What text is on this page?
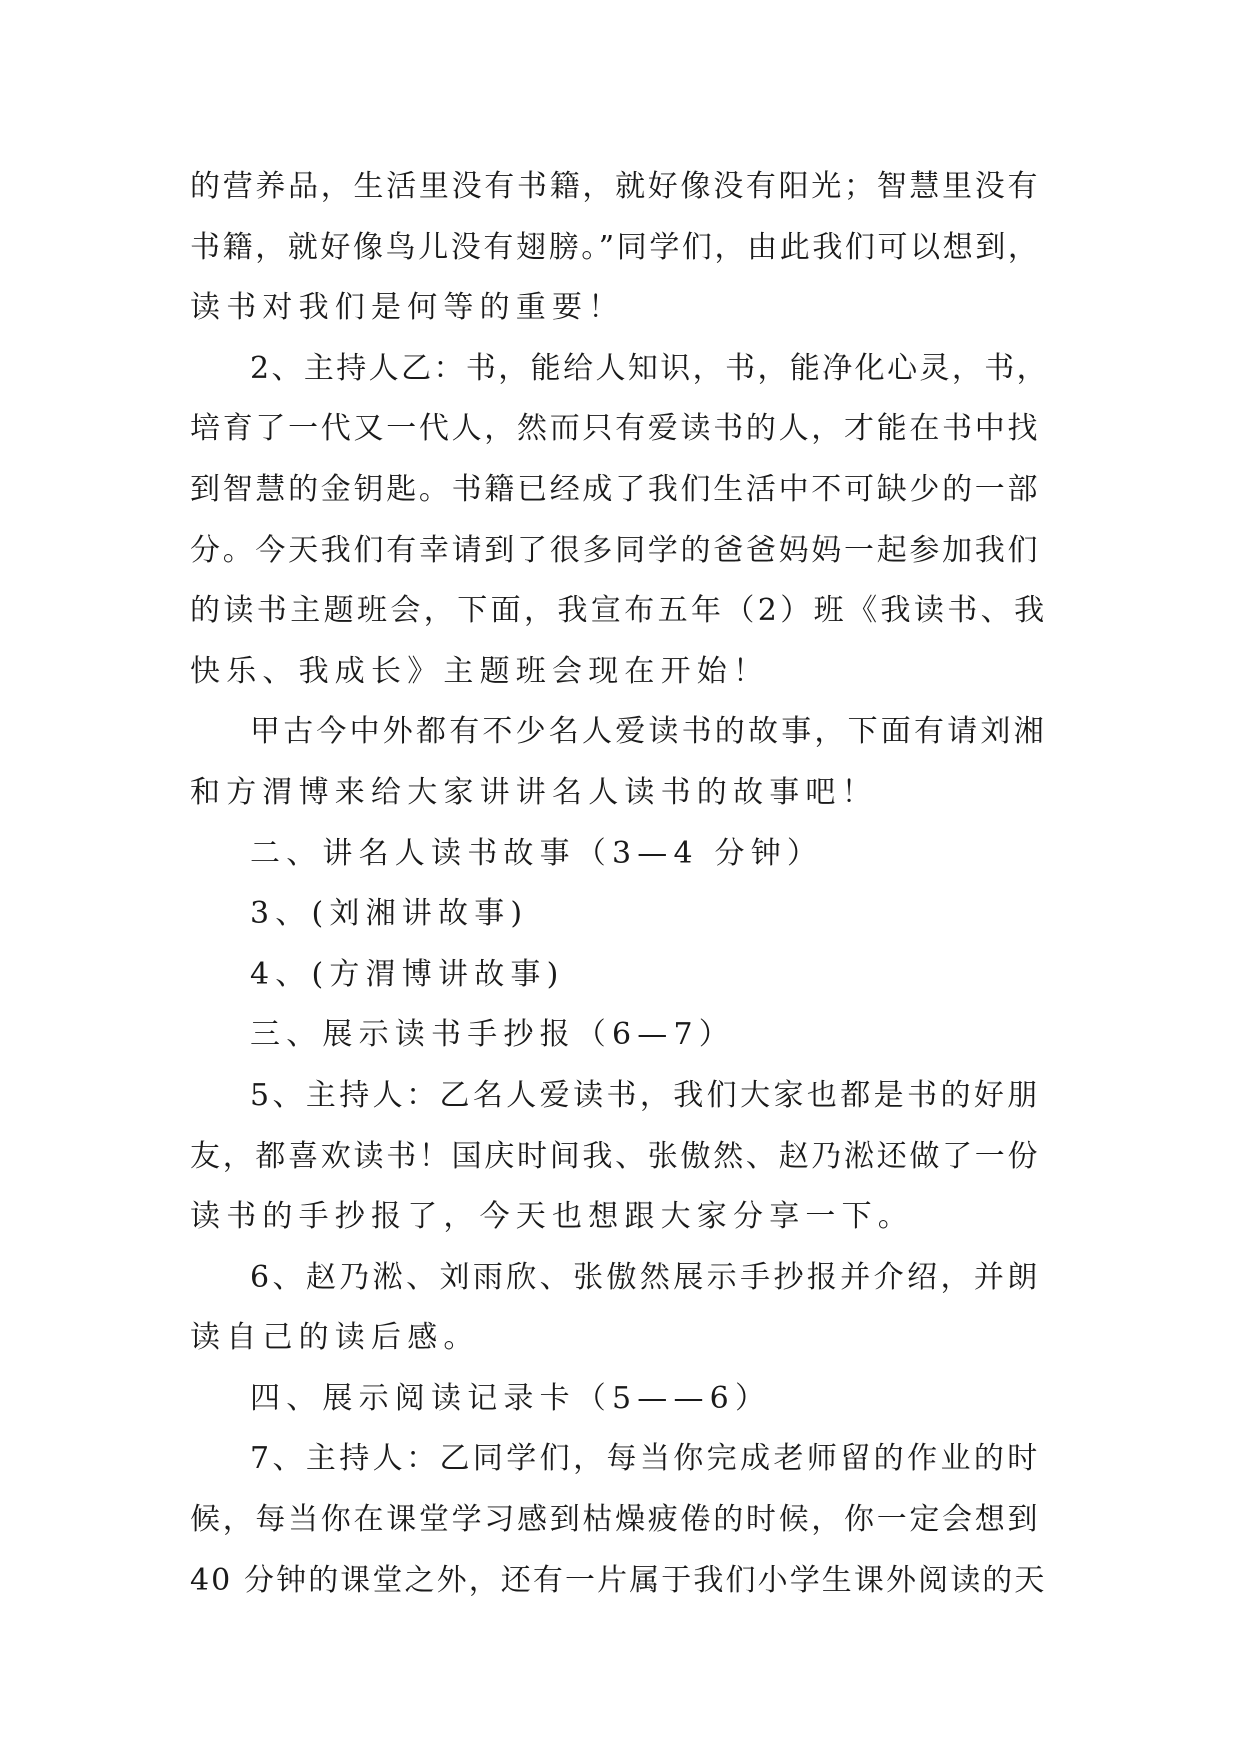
的营养品，生活里没有书籍，就好像没有阳光；智慧里没有
书籍，就好像鸟儿没有翅膀。”同学们，由此我们可以想到，
读书对我们是何等的重要！
2、主持人乙：书，能给人知识，书，能净化心灵，书，
培育了一代又一代人，然而只有爱读书的人，才能在书中找
到智慧的金钥匙。书籍已经成了我们生活中不可缺少的一部
分。今天我们有幸请到了很多同学的爸爸妈妈一起参加我们
的读书主题班会，下面，我宣布五年（2）班《我读书、我
快乐、我成长》主题班会现在开始！
甲古今中外都有不少名人爱读书的故事，下面有请刘湘
和方渭博来给大家讲讲名人读书的故事吧！
二、讲名人读书故事（3—4 分钟）
3、(刘湘讲故事)
4、(方渭博讲故事)
三、展示读书手抄报（6—7）
5、主持人：乙名人爱读书，我们大家也都是书的好朋
友，都喜欢读书！国庆时间我、张傲然、赵乃淞还做了一份
读书的手抄报了，今天也想跟大家分享一下。
6、赵乃淞、刘雨欣、张傲然展示手抄报并介绍，并朗
读自己的读后感。
四、展示阅读记录卡（5——6）
7、主持人：乙同学们，每当你完成老师留的作业的时
候，每当你在课堂学习感到枯燥疲倦的时候，你一定会想到
40 分钟的课堂之外，还有一片属于我们小学生课外阅读的天
